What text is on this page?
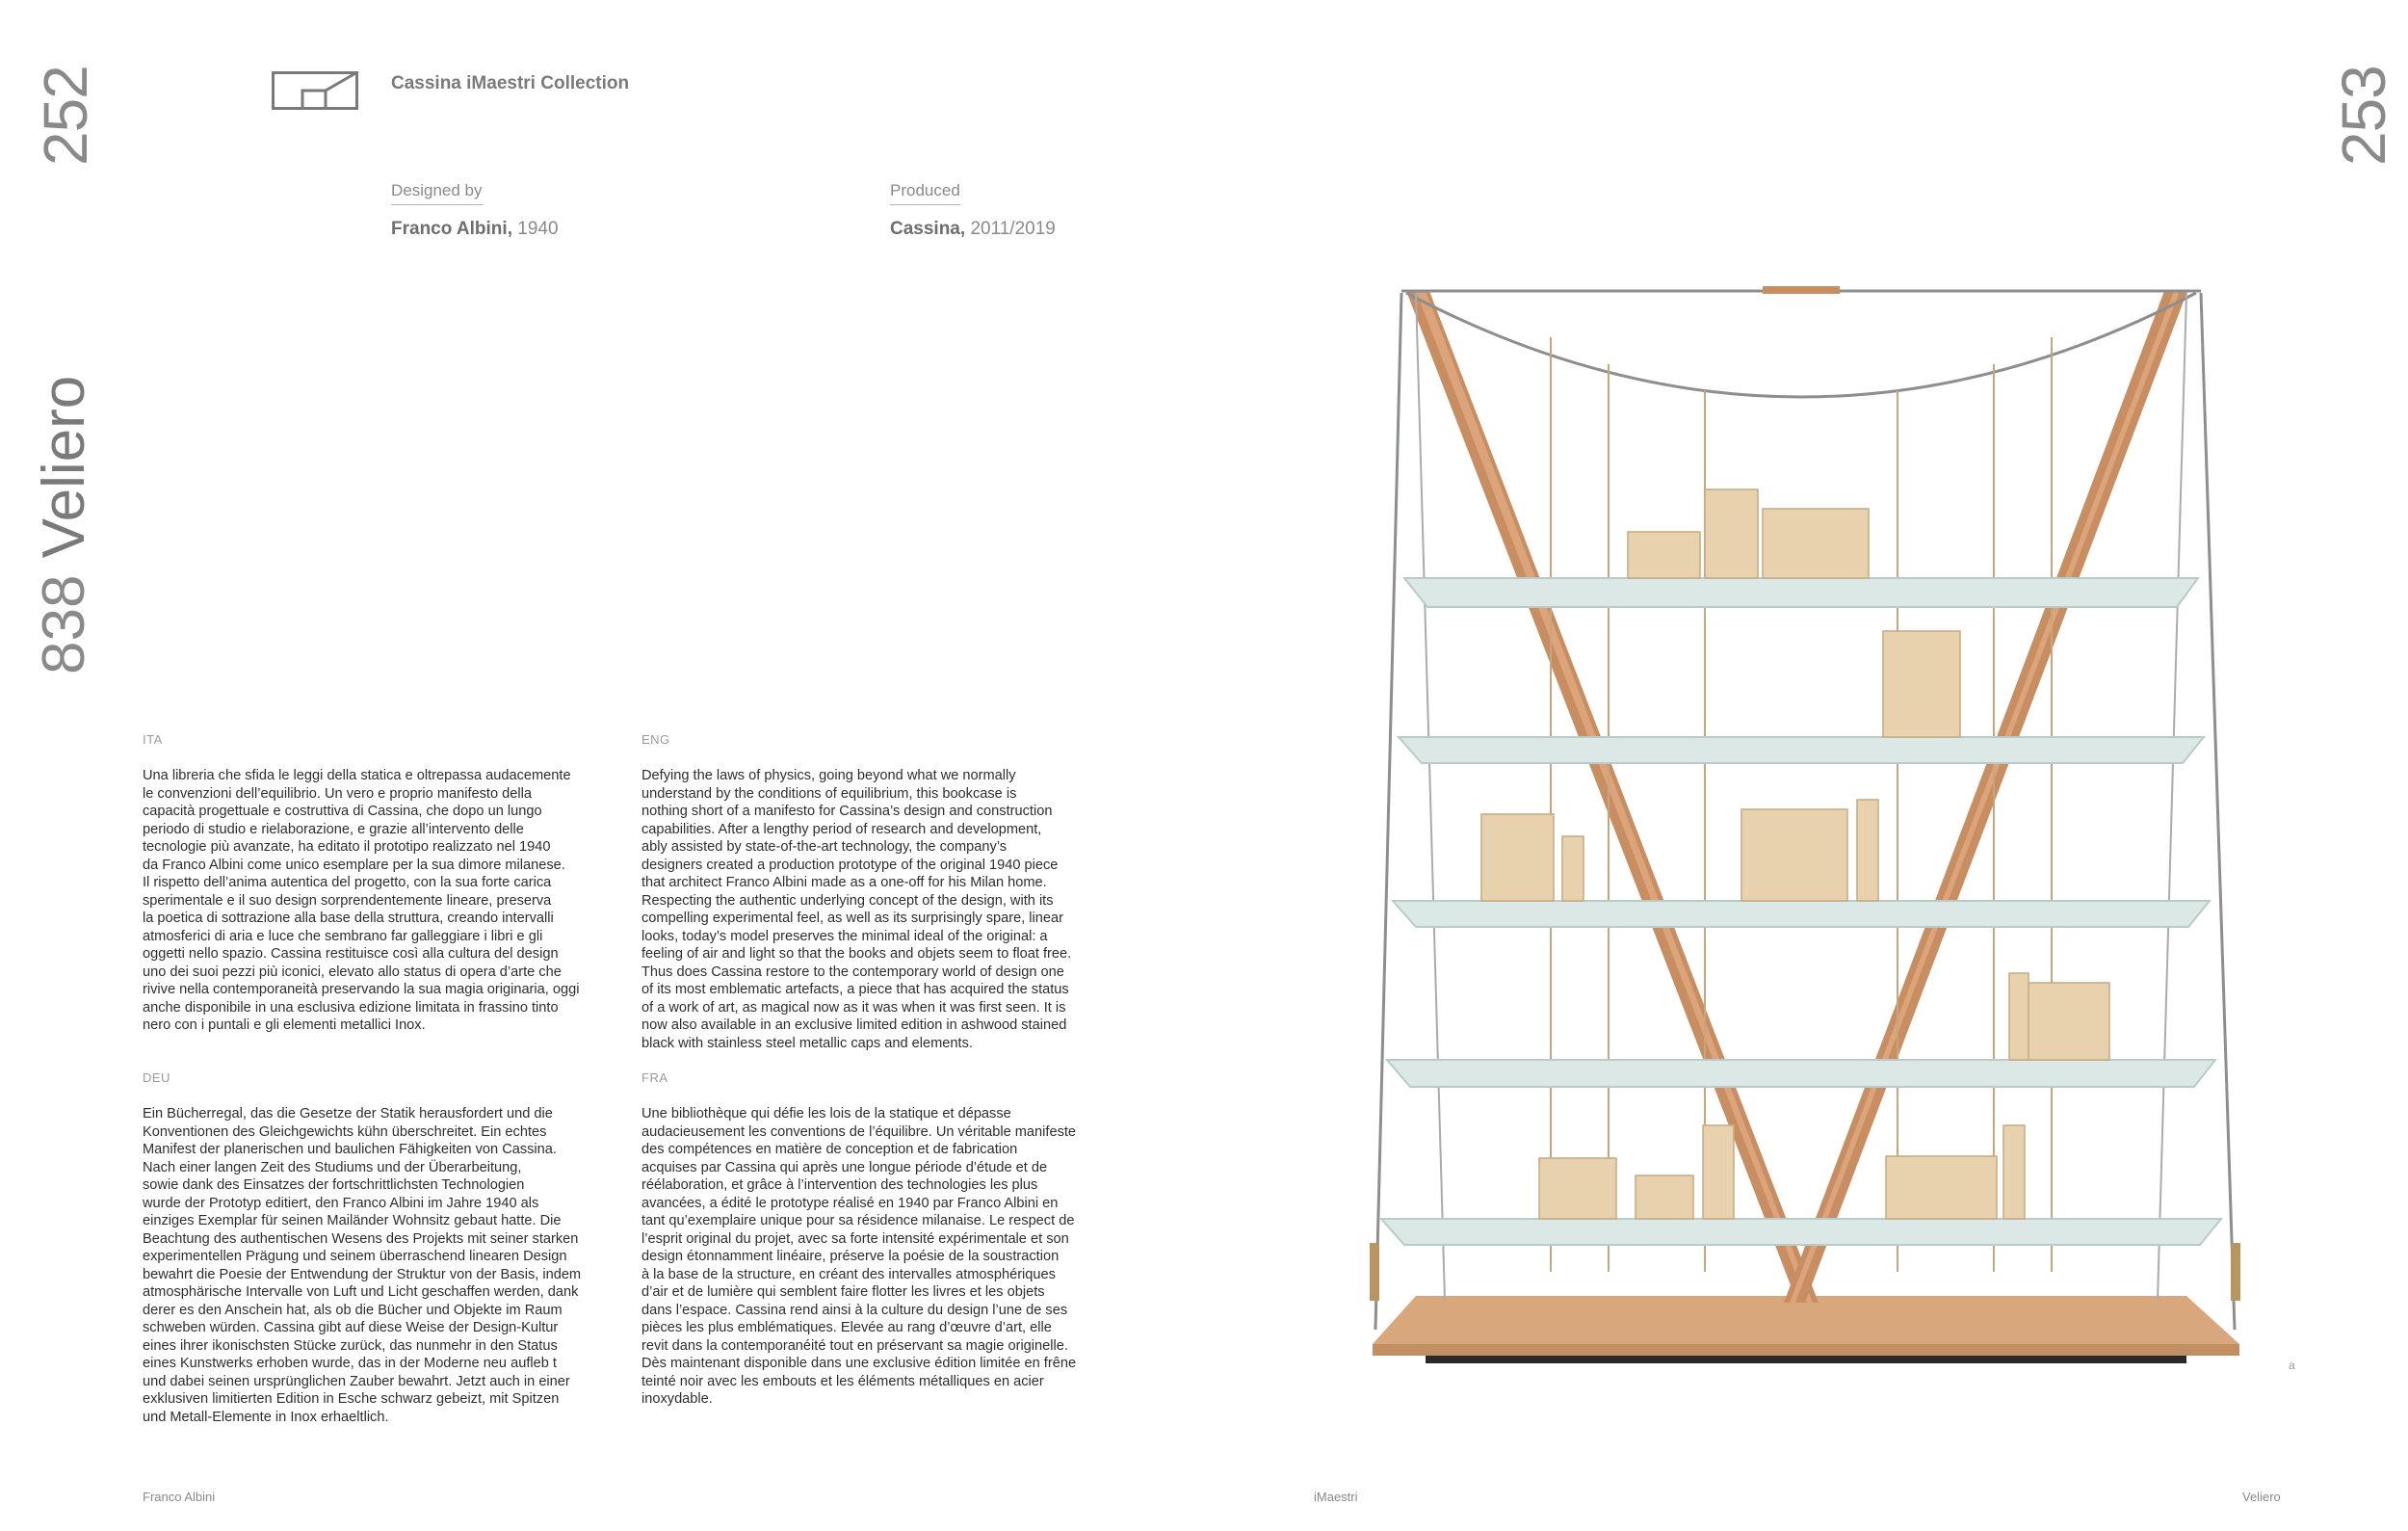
252
838 Veliero
253
Cassina iMaestri Collection
Designed by
Franco Albini, 1940
Produced
Cassina, 2011/2019
ITA
Una libreria che sfida le leggi della statica e oltrepassa audacemente
le convenzioni dell’equilibrio. Un vero e proprio manifesto della
capacità progettuale e costruttiva di Cassina, che dopo un lungo
periodo di studio e rielaborazione, e grazie all’intervento delle
tecnologie più avanzate, ha editato il prototipo realizzato nel 1940
da Franco Albini come unico esemplare per la sua dimore milanese.
Il rispetto dell’anima autentica del progetto, con la sua forte carica
sperimentale e il suo design sorprendentemente lineare, preserva
la poetica di sottrazione alla base della struttura, creando intervalli
atmosferici di aria e luce che sembrano far galleggiare i libri e gli
oggetti nello spazio. Cassina restituisce così alla cultura del design
uno dei suoi pezzi più iconici, elevato allo status di opera d’arte che
rivive nella contemporaneità preservando la sua magia originaria, oggi
anche disponibile in una esclusiva edizione limitata in frassino tinto
nero con i puntali e gli elementi metallici Inox.
ENG
Defying the laws of physics, going beyond what we normally
understand by the conditions of equilibrium, this bookcase is
nothing short of a manifesto for Cassina’s design and construction
capabilities. After a lengthy period of research and development,
ably assisted by state-of-the-art technology, the company’s
designers created a production prototype of the original 1940 piece
that architect Franco Albini made as a one-off for his Milan home.
Respecting the authentic underlying concept of the design, with its
compelling experimental feel, as well as its surprisingly spare, linear
looks, today’s model preserves the minimal ideal of the original: a
feeling of air and light so that the books and objets seem to float free.
Thus does Cassina restore to the contemporary world of design one
of its most emblematic artefacts, a piece that has acquired the status
of a work of art, as magical now as it was when it was first seen. It is
now also available in an exclusive limited edition in ashwood stained
black with stainless steel metallic caps and elements.
DEU
Ein Bücherregal, das die Gesetze der Statik herausfordert und die
Konventionen des Gleichgewichts kühn überschreitet. Ein echtes
Manifest der planerischen und baulichen Fähigkeiten von Cassina.
Nach einer langen Zeit des Studiums und der Überarbeitung,
sowie dank des Einsatzes der fortschrittlichsten Technologien
wurde der Prototyp editiert, den Franco Albini im Jahre 1940 als
einziges Exemplar für seinen Mailänder Wohnsitz gebaut hatte. Die
Beachtung des authentischen Wesens des Projekts mit seiner starken
experimentellen Prägung und seinem überraschend linearen Design
bewahrt die Poesie der Entwendung der Struktur von der Basis, indem
atmosphärische Intervalle von Luft und Licht geschaffen werden, dank
derer es den Anschein hat, als ob die Bücher und Objekte im Raum
schweben würden. Cassina gibt auf diese Weise der Design-Kultur
eines ihrer ikonischsten Stücke zurück, das nunmehr in den Status
eines Kunstwerks erhoben wurde, das in der Moderne neu aufleb t
und dabei seinen ursprünglichen Zauber bewahrt. Jetzt auch in einer
exklusiven limitierten Edition in Esche schwarz gebeizt, mit Spitzen
und Metall-Elemente in Inox erhaeltlich.
FRA
Une bibliothèque qui défie les lois de la statique et dépasse
audacieusement les conventions de l’équilibre. Un véritable manifeste
des compétences en matière de conception et de fabrication
acquises par Cassina qui après une longue période d’étude et de
réélaboration, et grâce à l’intervention des technologies les plus
avancées, a édité le prototype réalisé en 1940 par Franco Albini en
tant qu’exemplaire unique pour sa résidence milanaise. Le respect de
l’esprit original du projet, avec sa forte intensité expérimentale et son
design étonnamment linéaire, préserve la poésie de la soustraction
à la base de la structure, en créant des intervalles atmosphériques
d’air et de lumière qui semblent faire flotter les livres et les objets
dans l’espace. Cassina rend ainsi à la culture du design l’une de ses
pièces les plus emblématiques. Elevée au rang d’œuvre d’art, elle
revit dans la contemporanéité tout en préservant sa magie originelle.
Dès maintenant disponible dans une exclusive édition limitée en frêne
teinté noir avec les embouts et les éléments métalliques en acier
inoxydable.
a
Franco Albini	iMaestri	Veliero
